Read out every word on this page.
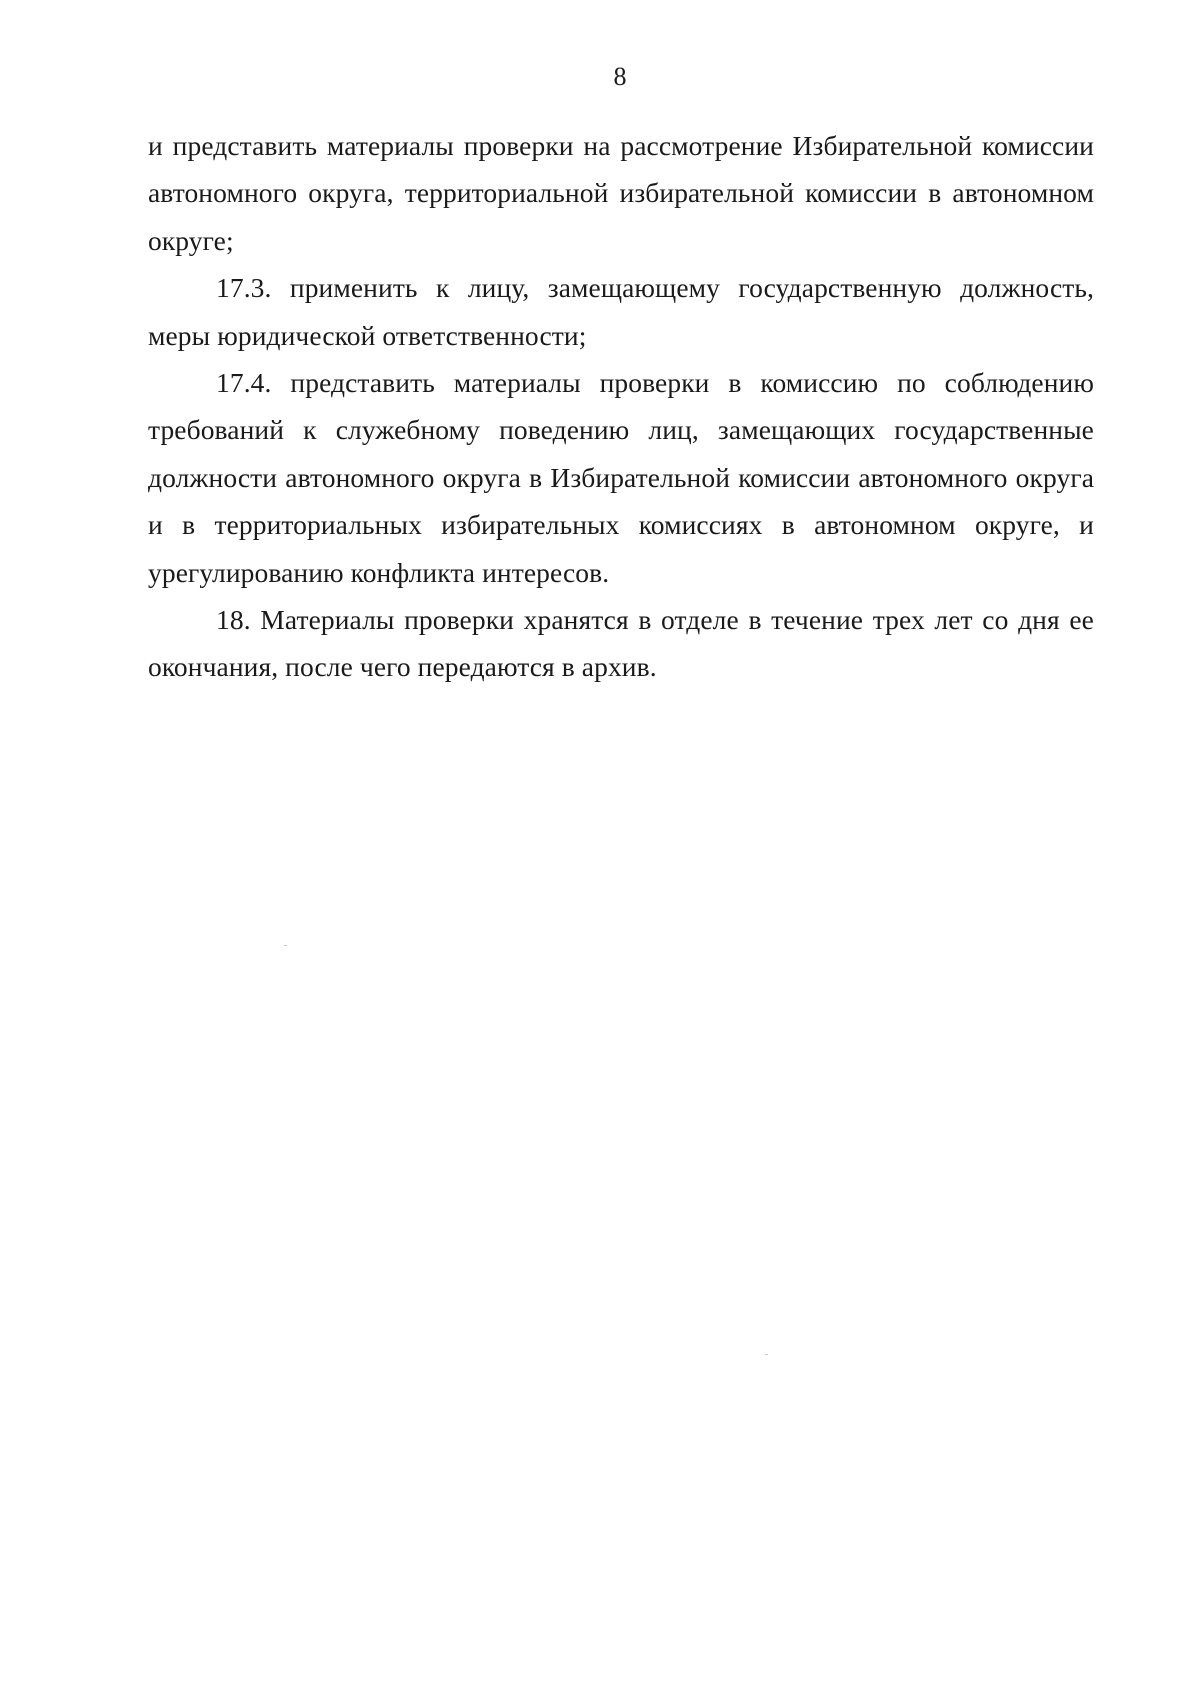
8

и представить материалы проверки на рассмотрение Избирательной комиссии автономного округа, территориальной избирательной комиссии в автономном округе;

17.3. применить к лицу, замещающему государственную должность, меры юридической ответственности;

17.4. представить материалы проверки в комиссию по соблюдению требований к служебному поведению лиц, замещающих государственные должности автономного округа в Избирательной комиссии автономного округа и в территориальных избирательных комиссиях в автономном округе, и урегулированию конфликта интересов.

18. Материалы проверки хранятся в отделе в течение трех лет со дня ее окончания, после чего передаются в архив.
